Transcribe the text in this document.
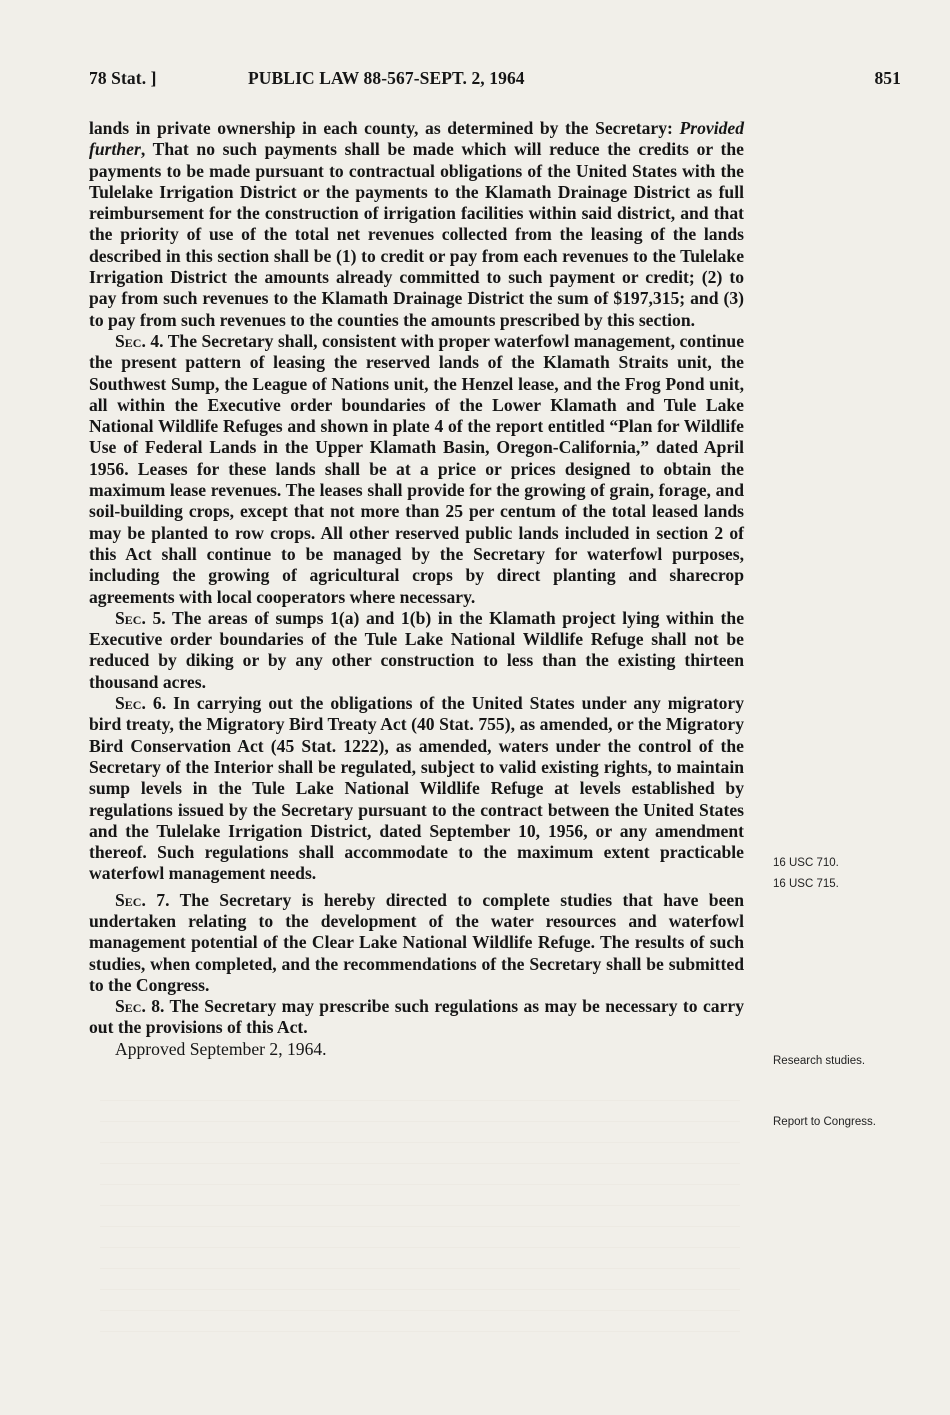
78 Stat. ]	PUBLIC LAW 88-567-SEPT. 2, 1964	851

lands in private ownership in each county, as determined by the Secretary: Provided further, That no such payments shall be made which will reduce the credits or the payments to be made pursuant to contractual obligations of the United States with the Tulelake Irrigation District or the payments to the Klamath Drainage District as full reimbursement for the construction of irrigation facilities within said district, and that the priority of use of the total net revenues collected from the leasing of the lands described in this section shall be (1) to credit or pay from each revenues to the Tulelake Irrigation District the amounts already committed to such payment or credit; (2) to pay from such revenues to the Klamath Drainage District the sum of $197,315; and (3) to pay from such revenues to the counties the amounts prescribed by this section.

Sec. 4. The Secretary shall, consistent with proper waterfowl management, continue the present pattern of leasing the reserved lands of the Klamath Straits unit, the Southwest Sump, the League of Nations unit, the Henzel lease, and the Frog Pond unit, all within the Executive order boundaries of the Lower Klamath and Tule Lake National Wildlife Refuges and shown in plate 4 of the report entitled “Plan for Wildlife Use of Federal Lands in the Upper Klamath Basin, Oregon-California,” dated April 1956. Leases for these lands shall be at a price or prices designed to obtain the maximum lease revenues. The leases shall provide for the growing of grain, forage, and soil-building crops, except that not more than 25 per centum of the total leased lands may be planted to row crops. All other reserved public lands included in section 2 of this Act shall continue to be managed by the Secretary for waterfowl purposes, including the growing of agricultural crops by direct planting and sharecrop agreements with local cooperators where necessary.

Sec. 5. The areas of sumps 1(a) and 1(b) in the Klamath project lying within the Executive order boundaries of the Tule Lake National Wildlife Refuge shall not be reduced by diking or by any other construction to less than the existing thirteen thousand acres.

Sec. 6. In carrying out the obligations of the United States under any migratory bird treaty, the Migratory Bird Treaty Act (40 Stat. 755), as amended, or the Migratory Bird Conservation Act (45 Stat. 1222), as amended, waters under the control of the Secretary of the Interior shall be regulated, subject to valid existing rights, to maintain sump levels in the Tule Lake National Wildlife Refuge at levels established by regulations issued by the Secretary pursuant to the contract between the United States and the Tulelake Irrigation District, dated September 10, 1956, or any amendment thereof. Such regulations shall accommodate to the maximum extent practicable waterfowl management needs.

Sec. 7. The Secretary is hereby directed to complete studies that have been undertaken relating to the development of the water resources and waterfowl management potential of the Clear Lake National Wildlife Refuge. The results of such studies, when completed, and the recommendations of the Secretary shall be submitted to the Congress.

Sec. 8. The Secretary may prescribe such regulations as may be necessary to carry out the provisions of this Act.

Approved September 2, 1964.
16 USC 710.
16 USC 715.
Research studies.
Report to Congress.
